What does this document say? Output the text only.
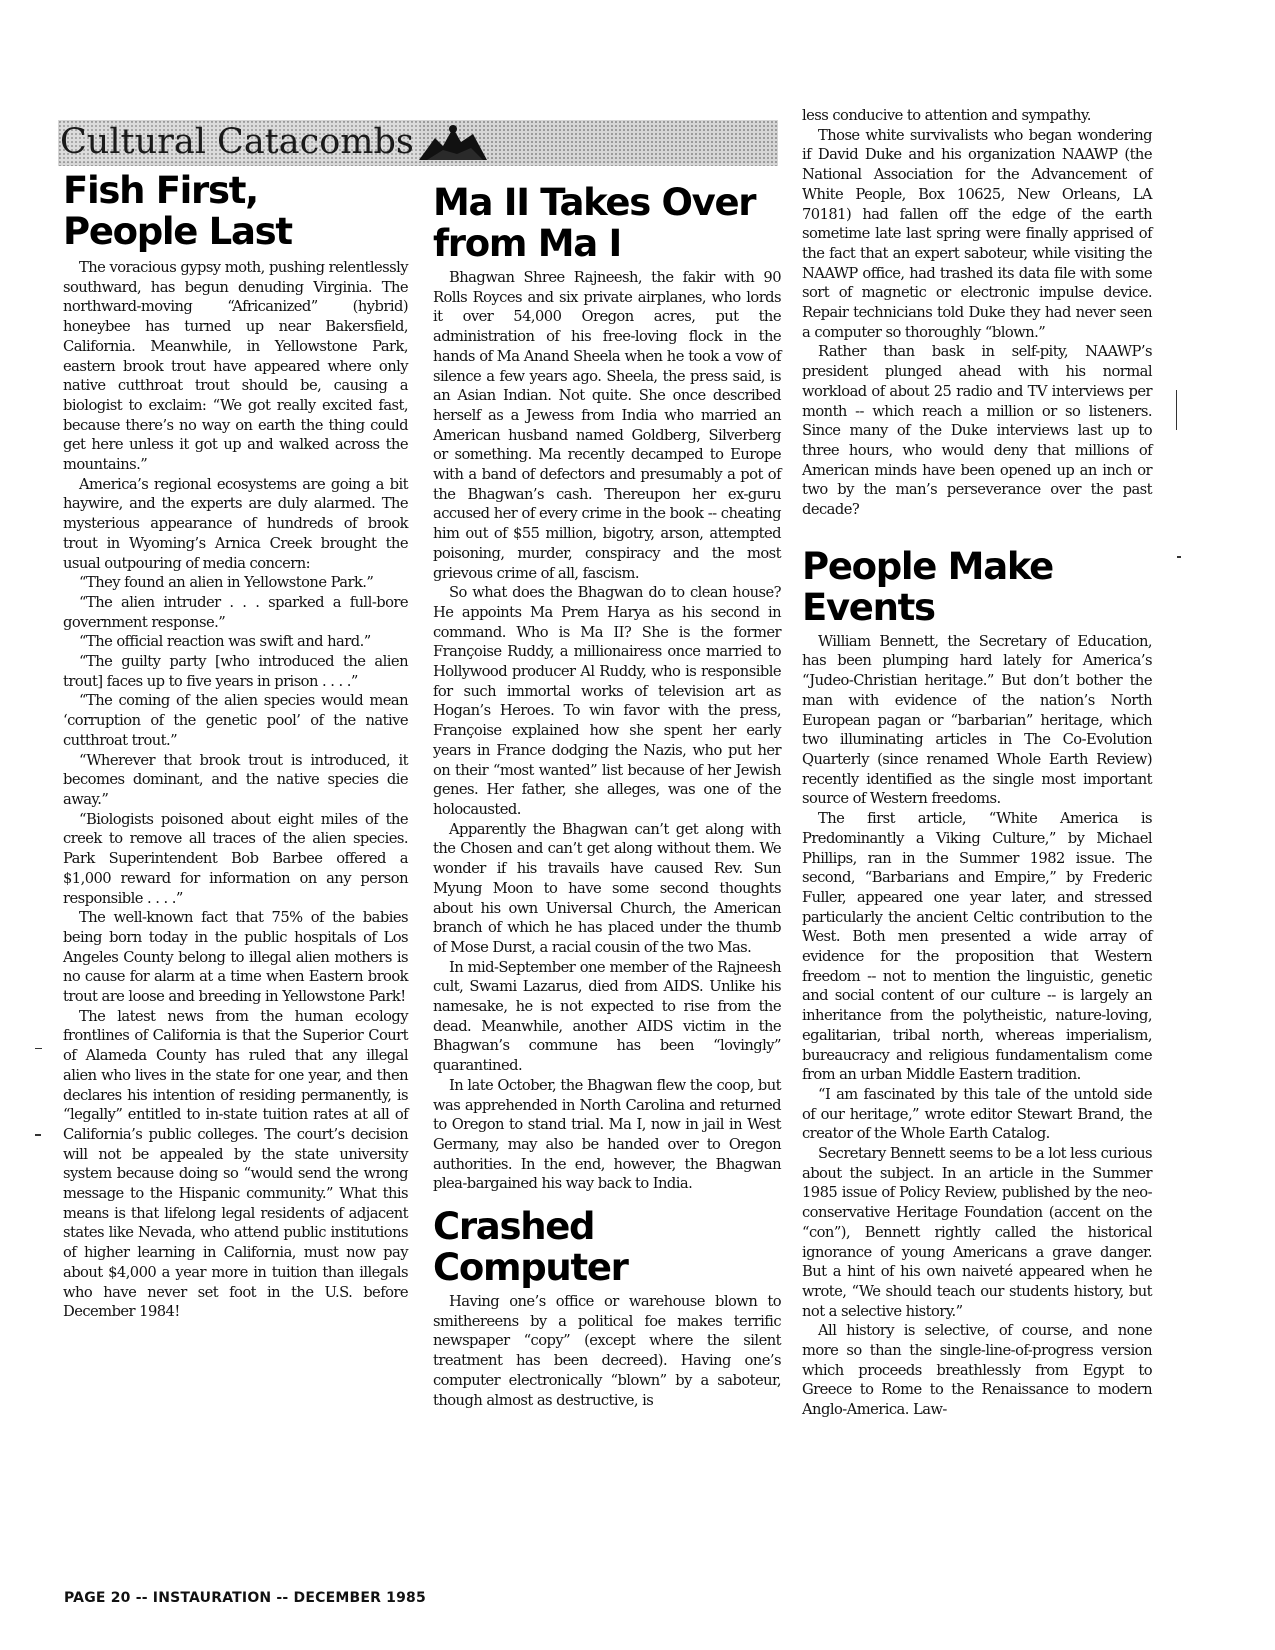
Cultural Catacombs
Fish First,
People Last

The voracious gypsy moth, pushing relentlessly southward, has begun denuding Virginia. The northward-moving “Africanized” (hybrid) honeybee has turned up near Bakersfield, California. Meanwhile, in Yellowstone Park, eastern brook trout have appeared where only native cutthroat trout should be, causing a biologist to exclaim: “We got really excited fast, because there’s no way on earth the thing could get here unless it got up and walked across the mountains.”

America’s regional ecosystems are going a bit haywire, and the experts are duly alarmed. The mysterious appearance of hundreds of brook trout in Wyoming’s Arnica Creek brought the usual outpouring of media concern:

“They found an alien in Yellowstone Park.”

“The alien intruder . . . sparked a full-bore government response.”

“The official reaction was swift and hard.”

“The guilty party [who introduced the alien trout] faces up to five years in prison . . . .”

“The coming of the alien species would mean ‘corruption of the genetic pool’ of the native cutthroat trout.”

“Wherever that brook trout is introduced, it becomes dominant, and the native species die away.”

“Biologists poisoned about eight miles of the creek to remove all traces of the alien species. Park Superintendent Bob Barbee offered a $1,000 reward for information on any person responsible . . . .”

The well-known fact that 75% of the babies being born today in the public hospitals of Los Angeles County belong to illegal alien mothers is no cause for alarm at a time when Eastern brook trout are loose and breeding in Yellowstone Park!

The latest news from the human ecology frontlines of California is that the Superior Court of Alameda County has ruled that any illegal alien who lives in the state for one year, and then declares his intention of residing permanently, is “legally” entitled to in-state tuition rates at all of California’s public colleges. The court’s decision will not be appealed by the state university system because doing so “would send the wrong message to the Hispanic community.” What this means is that lifelong legal residents of adjacent states like Nevada, who attend public institutions of higher learning in California, must now pay about $4,000 a year more in tuition than illegals who have never set foot in the U.S. before December 1984!

Ma II Takes Over
from Ma I

Bhagwan Shree Rajneesh, the fakir with 90 Rolls Royces and six private airplanes, who lords it over 54,000 Oregon acres, put the administration of his free-loving flock in the hands of Ma Anand Sheela when he took a vow of silence a few years ago. Sheela, the press said, is an Asian Indian. Not quite. She once described herself as a Jewess from India who married an American husband named Goldberg, Silverberg or something. Ma recently decamped to Europe with a band of defectors and presumably a pot of the Bhagwan’s cash. Thereupon her ex-guru accused her of every crime in the book -- cheating him out of $55 million, bigotry, arson, attempted poisoning, murder, conspiracy and the most grievous crime of all, fascism.

So what does the Bhagwan do to clean house? He appoints Ma Prem Harya as his second in command. Who is Ma II? She is the former Françoise Ruddy, a millionairess once married to Hollywood producer Al Ruddy, who is responsible for such immortal works of television art as Hogan’s Heroes. To win favor with the press, Françoise explained how she spent her early years in France dodging the Nazis, who put her on their “most wanted” list because of her Jewish genes. Her father, she alleges, was one of the holocausted.

Apparently the Bhagwan can’t get along with the Chosen and can’t get along without them. We wonder if his travails have caused Rev. Sun Myung Moon to have some second thoughts about his own Universal Church, the American branch of which he has placed under the thumb of Mose Durst, a racial cousin of the two Mas.

In mid-September one member of the Rajneesh cult, Swami Lazarus, died from AIDS. Unlike his namesake, he is not expected to rise from the dead. Meanwhile, another AIDS victim in the Bhagwan’s commune has been “lovingly” quarantined.

In late October, the Bhagwan flew the coop, but was apprehended in North Carolina and returned to Oregon to stand trial. Ma I, now in jail in West Germany, may also be handed over to Oregon authorities. In the end, however, the Bhagwan plea-bargained his way back to India.

Crashed Computer

Having one’s office or warehouse blown to smithereens by a political foe makes terrific newspaper “copy” (except where the silent treatment has been decreed). Having one’s computer electronically “blown” by a saboteur, though almost as destructive, is

less conducive to attention and sympathy.

Those white survivalists who began wondering if David Duke and his organization NAAWP (the National Association for the Advancement of White People, Box 10625, New Orleans, LA 70181) had fallen off the edge of the earth sometime late last spring were finally apprised of the fact that an expert saboteur, while visiting the NAAWP office, had trashed its data file with some sort of magnetic or electronic impulse device. Repair technicians told Duke they had never seen a computer so thoroughly “blown.”

Rather than bask in self-pity, NAAWP’s president plunged ahead with his normal workload of about 25 radio and TV interviews per month -- which reach a million or so listeners. Since many of the Duke interviews last up to three hours, who would deny that millions of American minds have been opened up an inch or two by the man’s perseverance over the past decade?

People Make Events

William Bennett, the Secretary of Education, has been plumping hard lately for America’s “Judeo-Christian heritage.” But don’t bother the man with evidence of the nation’s North European pagan or “barbarian” heritage, which two illuminating articles in The Co-Evolution Quarterly (since renamed Whole Earth Review) recently identified as the single most important source of Western freedoms.

The first article, “White America is Predominantly a Viking Culture,” by Michael Phillips, ran in the Summer 1982 issue. The second, “Barbarians and Empire,” by Frederic Fuller, appeared one year later, and stressed particularly the ancient Celtic contribution to the West. Both men presented a wide array of evidence for the proposition that Western freedom -- not to mention the linguistic, genetic and social content of our culture -- is largely an inheritance from the polytheistic, nature-loving, egalitarian, tribal north, whereas imperialism, bureaucracy and religious fundamentalism come from an urban Middle Eastern tradition.

“I am fascinated by this tale of the untold side of our heritage,” wrote editor Stewart Brand, the creator of the Whole Earth Catalog.

Secretary Bennett seems to be a lot less curious about the subject. In an article in the Summer 1985 issue of Policy Review, published by the neo-conservative Heritage Foundation (accent on the “con”), Bennett rightly called the historical ignorance of young Americans a grave danger. But a hint of his own naiveté appeared when he wrote, “We should teach our students history, but not a selective history.”

All history is selective, of course, and none more so than the single-line-of-progress version which proceeds breathlessly from Egypt to Greece to Rome to the Renaissance to modern Anglo-America. Law-

PAGE 20 -- INSTAURATION -- DECEMBER 1985
